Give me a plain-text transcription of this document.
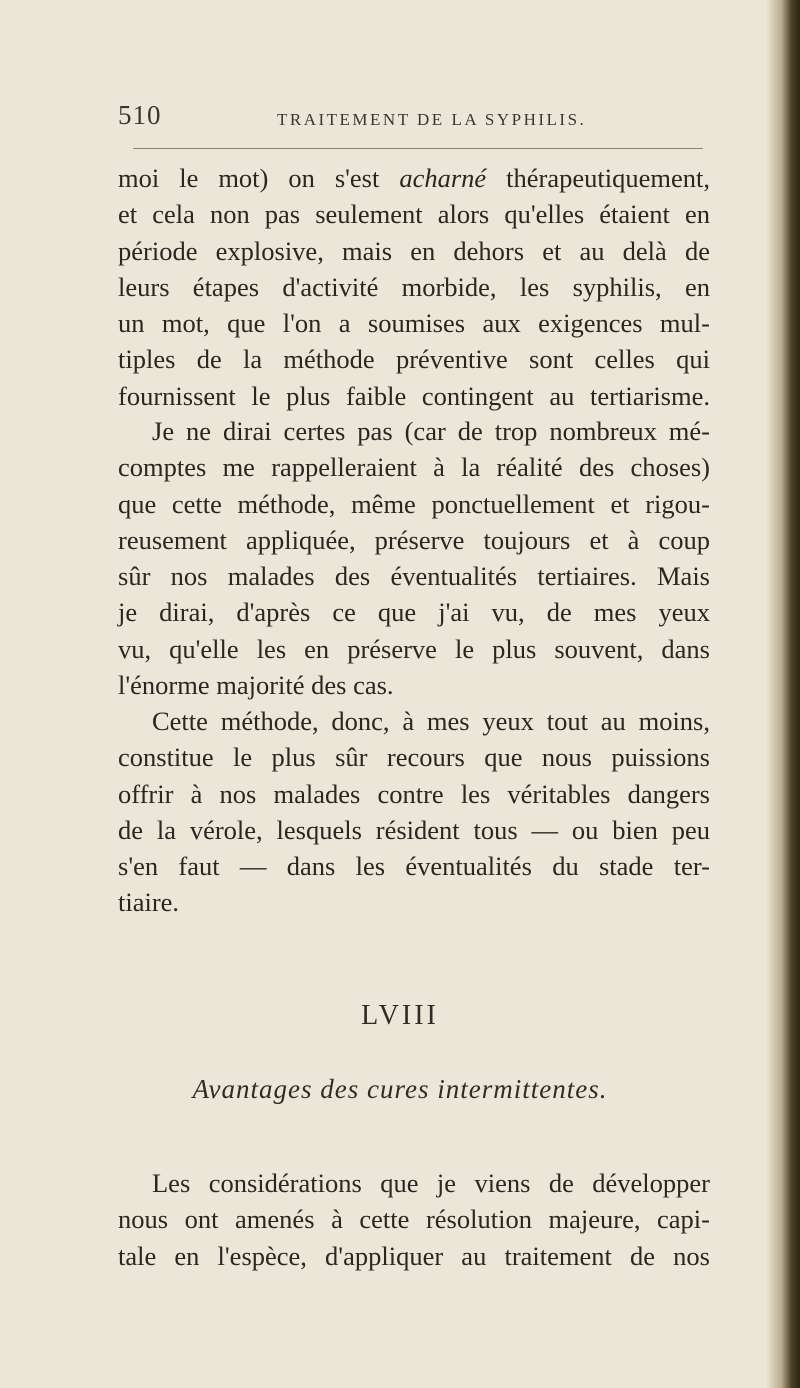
510	TRAITEMENT DE LA SYPHILIS.
moi le mot) on s'est acharné thérapeutiquement,
et cela non pas seulement alors qu'elles étaient en
période explosive, mais en dehors et au delà de
leurs étapes d'activité morbide, les syphilis, en
un mot, que l'on a soumises aux exigences mul-
tiples de la méthode préventive sont celles qui
fournissent le plus faible contingent au tertiarisme.
Je ne dirai certes pas (car de trop nombreux mé-
comptes me rappelleraient à la réalité des choses)
que cette méthode, même ponctuellement et rigou-
reusement appliquée, préserve toujours et à coup
sûr nos malades des éventualités tertiaires. Mais
je dirai, d'après ce que j'ai vu, de mes yeux
vu, qu'elle les en préserve le plus souvent, dans
l'énorme majorité des cas.
Cette méthode, donc, à mes yeux tout au moins,
constitue le plus sûr recours que nous puissions
offrir à nos malades contre les véritables dangers
de la vérole, lesquels résident tous — ou bien peu
s'en faut — dans les éventualités du stade ter-
tiaire.
LVIII
Avantages des cures intermittentes.
Les considérations que je viens de développer
nous ont amenés à cette résolution majeure, capi-
tale en l'espèce, d'appliquer au traitement de nos
